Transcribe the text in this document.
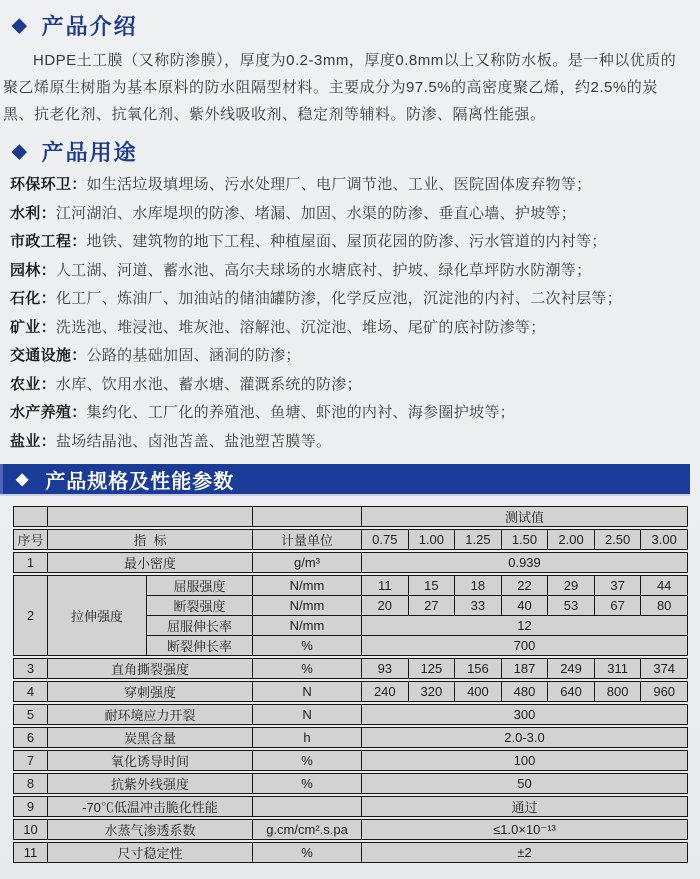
◆ 产品介绍

HDPE土工膜（又称防渗膜），厚度为0.2-3mm，厚度0.8mm以上又称防水板。是一种以优质的聚乙烯原生树脂为基本原料的防水阻隔型材料。主要成分为97.5%的高密度聚乙烯，约2.5%的炭黑、抗老化剂、抗氧化剂、紫外线吸收剂、稳定剂等辅料。防渗、隔离性能强。

◆ 产品用途
环保环卫：如生活垃圾填埋场、污水处理厂、电厂调节池、工业、医院固体废弃物等；
水利：江河湖泊、水库堤坝的防渗、堵漏、加固、水渠的防渗、垂直心墙、护坡等；
市政工程：地铁、建筑物的地下工程、种植屋面、屋顶花园的防渗、污水管道的内衬等；
园林：人工湖、河道、蓄水池、高尔夫球场的水塘底衬、护坡、绿化草坪防水防潮等；
石化：化工厂、炼油厂、加油站的储油罐防渗，化学反应池，沉淀池的内衬、二次衬层等；
矿业：洗选池、堆浸池、堆灰池、溶解池、沉淀池、堆场、尾矿的底衬防渗等；
交通设施：公路的基础加固、涵洞的防渗；
农业：水库、饮用水池、蓄水塘、灌溉系统的防渗；
水产养殖：集约化、工厂化的养殖池、鱼塘、虾池的内衬、海参圈护坡等；
盐业：盐场结晶池、卤池苫盖、盐池塑苫膜等。
◆ 产品规格及性能参数
			测试值
序号	指  标	计量单位	0.75	1.00	1.25	1.50	2.00	2.50	3.00
1	最小密度	g/m³	0.939
2	拉伸强度	屈服强度	N/mm	11	15	18	22	29	37	44
		断裂强度	N/mm	20	27	33	40	53	67	80
		屈服伸长率	N/mm	12						
		断裂伸长率	%	700						
3	直角撕裂强度	%	93	125	156	187	249	311	374
4	穿刺强度	N	240	320	400	480	640	800	960
5	耐环境应力开裂	N	300
6	炭黑含量	h	2.0-3.0
7	氧化诱导时间	%	100
8	抗紫外线强度	%	50
9	-70℃低温冲击脆化性能		通过
10	水蒸气渗透系数	g.cm/cm².s.pa	≤1.0×10⁻¹³
11	尺寸稳定性	%	±2
